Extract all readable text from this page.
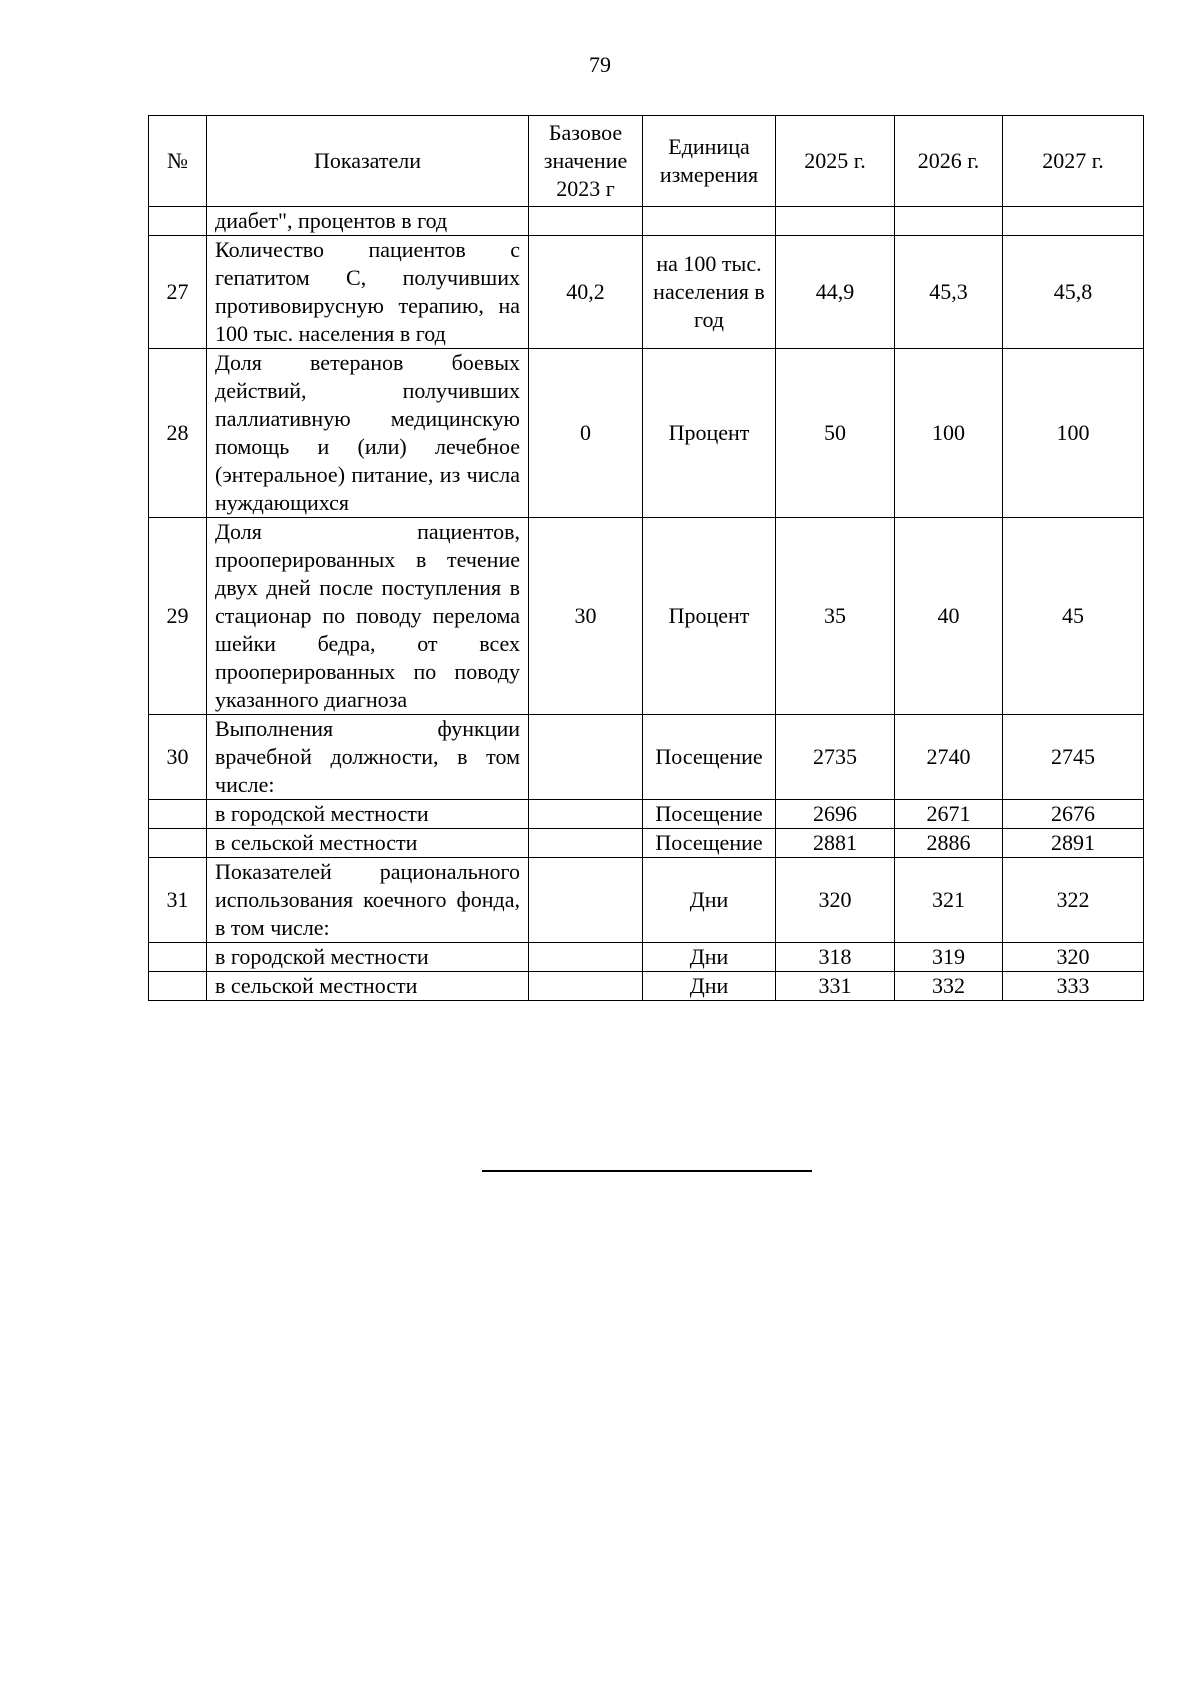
79
№	Показатели	Базовое значение 2023 г	Единица измерения	2025 г.	2026 г.	2027 г.
	диабет", процентов в год					
27	Количество пациентов с гепатитом С, получивших противовирусную терапию, на 100 тыс. населения в год	40,2	на 100 тыс. населения в год	44,9	45,3	45,8
28	Доля ветеранов боевых действий, получивших паллиативную медицинскую помощь и (или) лечебное (энтеральное) питание, из числа нуждающихся	0	Процент	50	100	100
29	Доля пациентов, прооперированных в течение двух дней после поступления в стационар по поводу перелома шейки бедра, от всех прооперированных по поводу указанного диагноза	30	Процент	35	40	45
30	Выполнения функции врачебной должности, в том числе:		Посещение	2735	2740	2745
	в городской местности		Посещение	2696	2671	2676
	в сельской местности		Посещение	2881	2886	2891
31	Показателей рационального использования коечного фонда, в том числе:		Дни	320	321	322
	в городской местности		Дни	318	319	320
	в сельской местности		Дни	331	332	333
